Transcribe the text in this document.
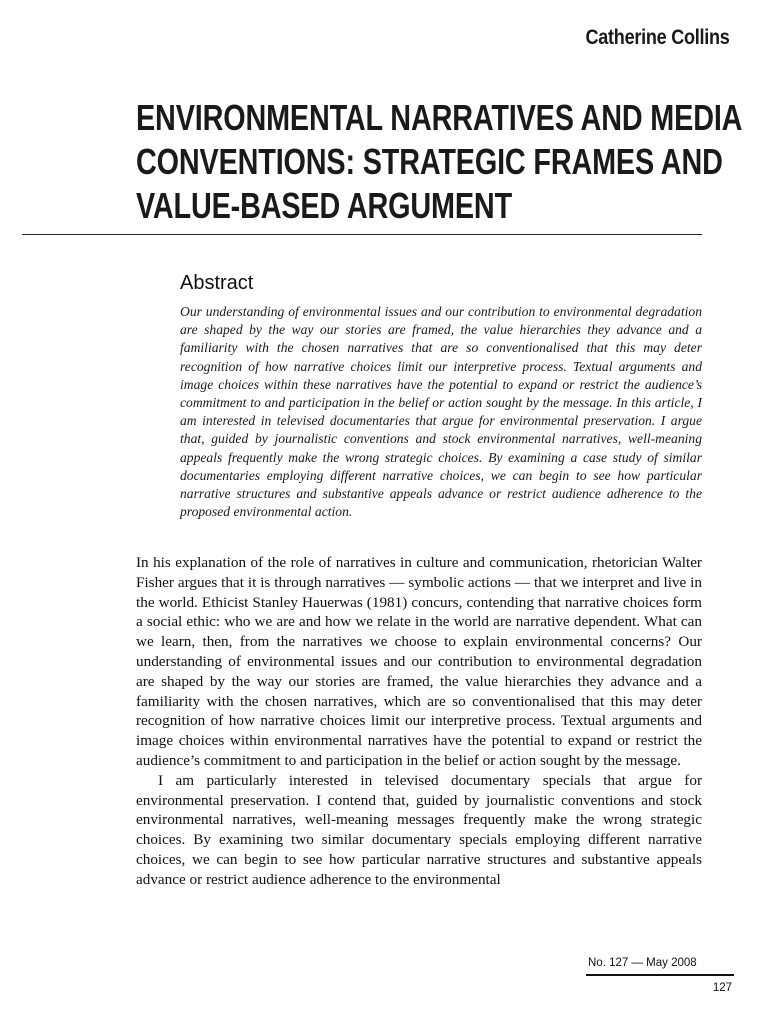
Catherine Collins
ENVIRONMENTAL NARRATIVES AND MEDIA
CONVENTIONS: STRATEGIC FRAMES AND
VALUE-BASED ARGUMENT
Abstract
Our understanding of environmental issues and our contribution to environmental degradation are shaped by the way our stories are framed, the value hierarchies they advance and a familiarity with the chosen narratives that are so conventionalised that this may deter recognition of how narrative choices limit our interpretive process. Textual arguments and image choices within these narratives have the potential to expand or restrict the audience’s commitment to and participation in the belief or action sought by the message. In this article, I am interested in televised documentaries that argue for environmental preservation. I argue that, guided by journalistic conventions and stock environmental narratives, well-meaning appeals frequently make the wrong strategic choices. By examining a case study of similar documentaries employing different narrative choices, we can begin to see how particular narrative structures and substantive appeals advance or restrict audience adherence to the proposed environmental action.

In his explanation of the role of narratives in culture and communication, rhetorician Walter Fisher argues that it is through narratives — symbolic actions — that we interpret and live in the world. Ethicist Stanley Hauerwas (1981) concurs, contending that narrative choices form a social ethic: who we are and how we relate in the world are narrative dependent. What can we learn, then, from the narratives we choose to explain environmental concerns? Our understanding of environmental issues and our contribution to environmental degradation are shaped by the way our stories are framed, the value hierarchies they advance and a familiarity with the chosen narratives, which are so conventionalised that this may deter recognition of how narrative choices limit our interpretive process. Textual arguments and image choices within environmental narratives have the potential to expand or restrict the audience’s commitment to and participation in the belief or action sought by the message.

I am particularly interested in televised documentary specials that argue for environmental preservation. I contend that, guided by journalistic conventions and stock environmental narratives, well-meaning messages frequently make the wrong strategic choices. By examining two similar documentary specials employing different narrative choices, we can begin to see how particular narrative structures and substantive appeals advance or restrict audience adherence to the environmental

No. 127 — May 2008
127
